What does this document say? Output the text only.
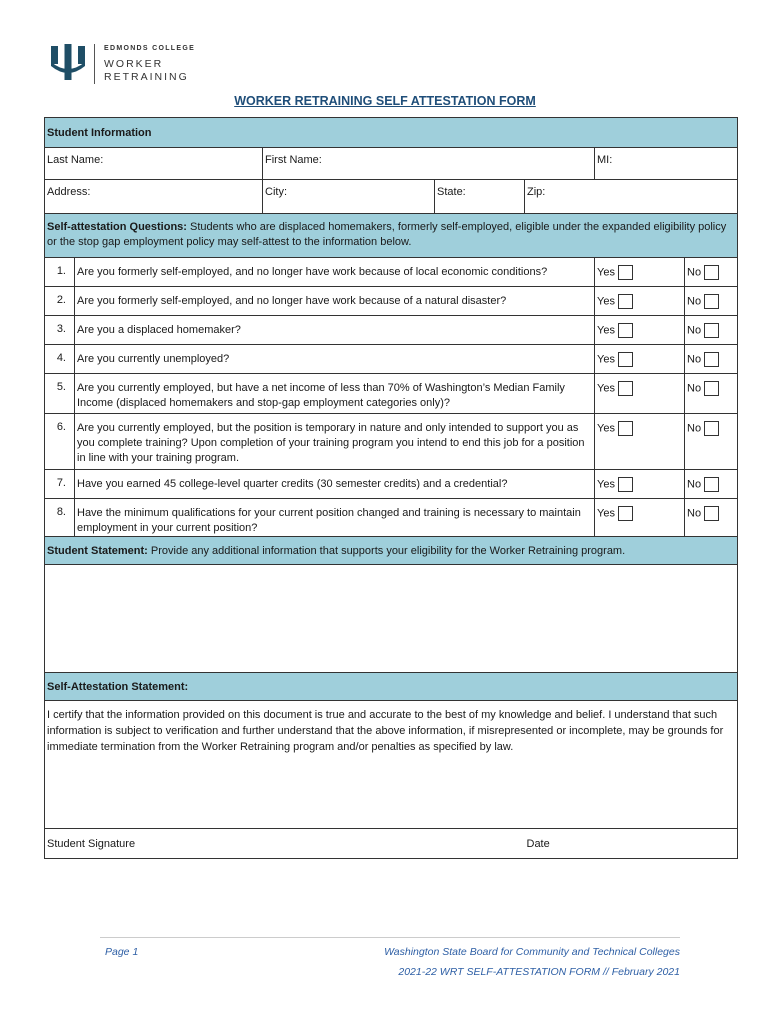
EDMONDS COLLEGE
WORKER
RETRAINING
WORKER RETRAINING SELF ATTESTATION FORM
Student Information						
Last Name:		First Name:			MI:	
Address:		City:	State:	Zip:		
Self-attestation Questions: Students who are displaced homemakers, formerly self-employed, eligible under the expanded eligibility policy or the stop gap employment policy may self-attest to the information below.						
1.	Are you formerly self-employed, and no longer have work because of local economic conditions?				Yes	No
2.	Are you formerly self-employed, and no longer have work because of a natural disaster?				Yes	No
3.	Are you a displaced homemaker?				Yes	No
4.	Are you currently unemployed?				Yes	No
5.	Are you currently employed, but have a net income of less than 70% of Washington’s Median Family Income (displaced homemakers and stop-gap employment categories only)?				Yes	No
6.	Are you currently employed, but the position is temporary in nature and only intended to support you as you complete training? Upon completion of your training program you intend to end this job for a position in line with your training program.				Yes	No
7.	Have you earned 45 college-level quarter credits (30 semester credits) and a credential?				Yes	No
8.	Have the minimum qualifications for your current position changed and training is necessary to maintain employment in your current position?				Yes	No
Student Statement: Provide any additional information that supports your eligibility for the Worker Retraining program.						

Self-Attestation Statement:						
I certify that the information provided on this document is true and accurate to the best of my knowledge and belief. I understand that such information is subject to verification and further understand that the above information, if misrepresented or incomplete, may be grounds for immediate termination from the Worker Retraining program and/or penalties as specified by law.						
Student Signature				Date		
Page 1	Washington State Board for Community and Technical Colleges
2021-22 WRT SELF-ATTESTATION FORM // February 2021
